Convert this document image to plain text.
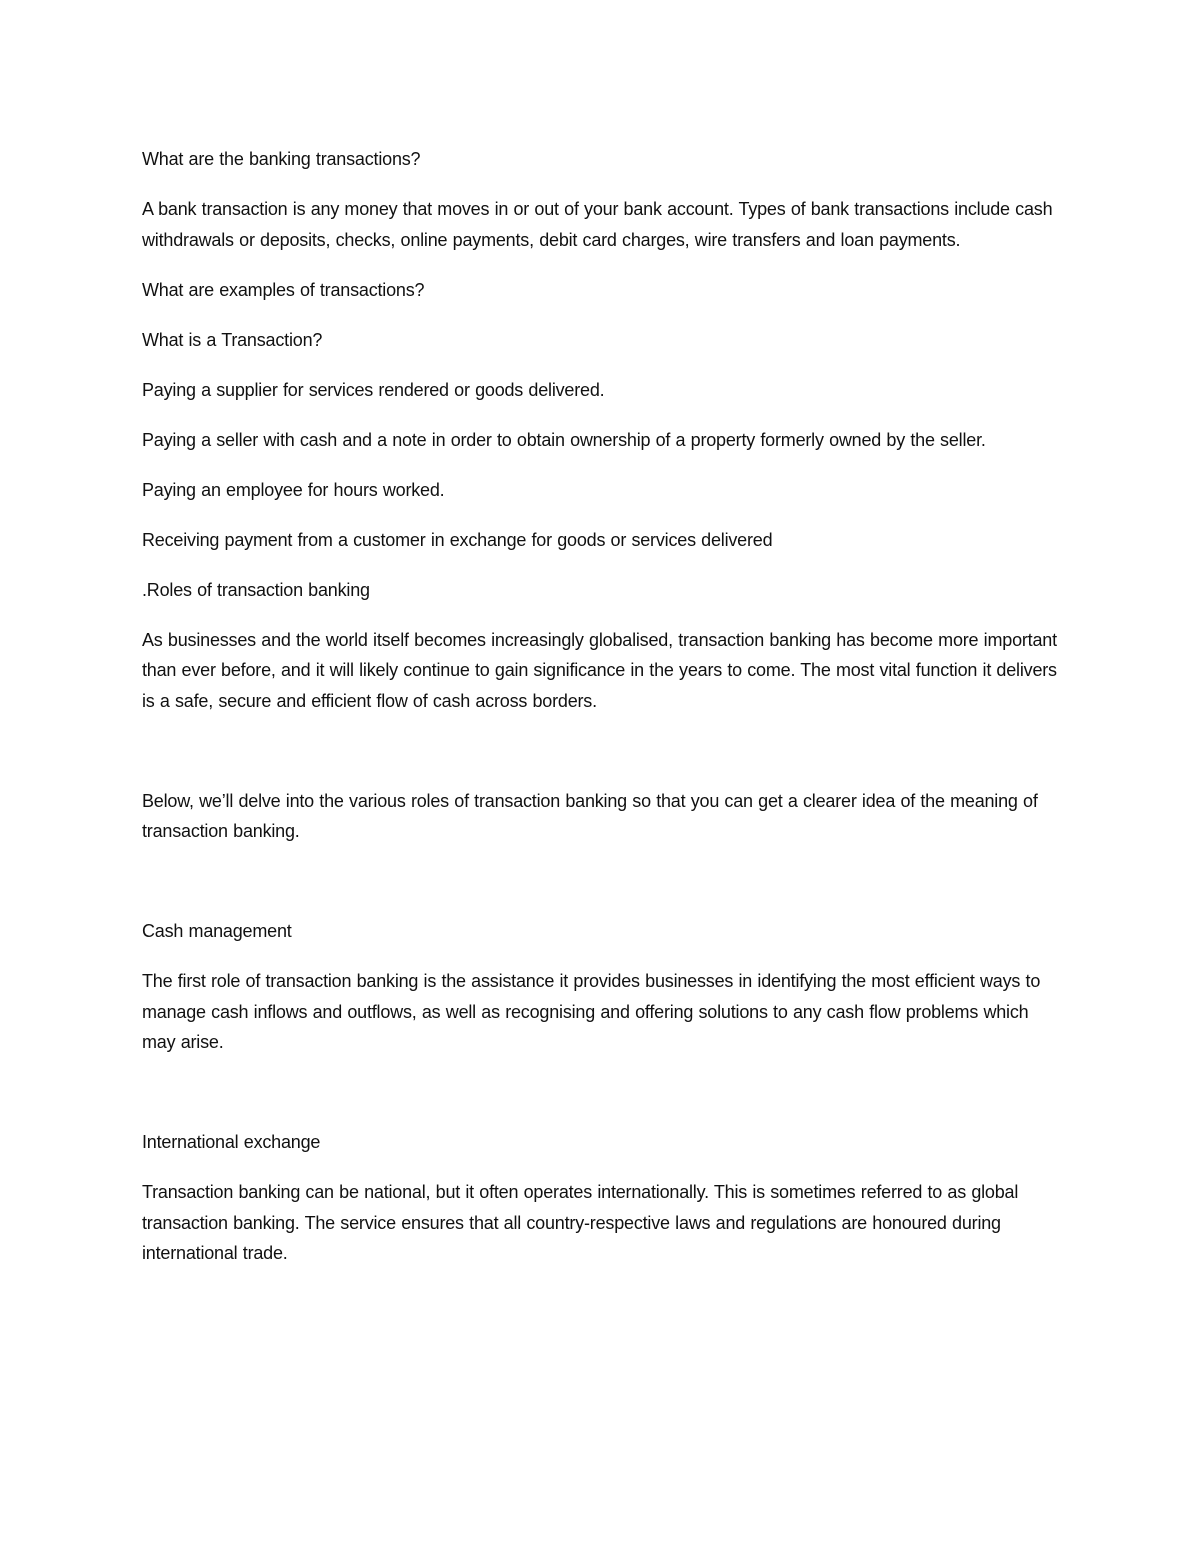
What are the banking transactions?

A bank transaction is any money that moves in or out of your bank account. Types of bank transactions include cash withdrawals or deposits, checks, online payments, debit card charges, wire transfers and loan payments.

What are examples of transactions?

What is a Transaction?

Paying a supplier for services rendered or goods delivered.

Paying a seller with cash and a note in order to obtain ownership of a property formerly owned by the seller.

Paying an employee for hours worked.

Receiving payment from a customer in exchange for goods or services delivered

.Roles of transaction banking

As businesses and the world itself becomes increasingly globalised, transaction banking has become more important than ever before, and it will likely continue to gain significance in the years to come. The most vital function it delivers is a safe, secure and efficient flow of cash across borders.

Below, we’ll delve into the various roles of transaction banking so that you can get a clearer idea of the meaning of transaction banking.

Cash management

The first role of transaction banking is the assistance it provides businesses in identifying the most efficient ways to manage cash inflows and outflows, as well as recognising and offering solutions to any cash flow problems which may arise.

International exchange

Transaction banking can be national, but it often operates internationally. This is sometimes referred to as global transaction banking. The service ensures that all country-respective laws and regulations are honoured during international trade.
